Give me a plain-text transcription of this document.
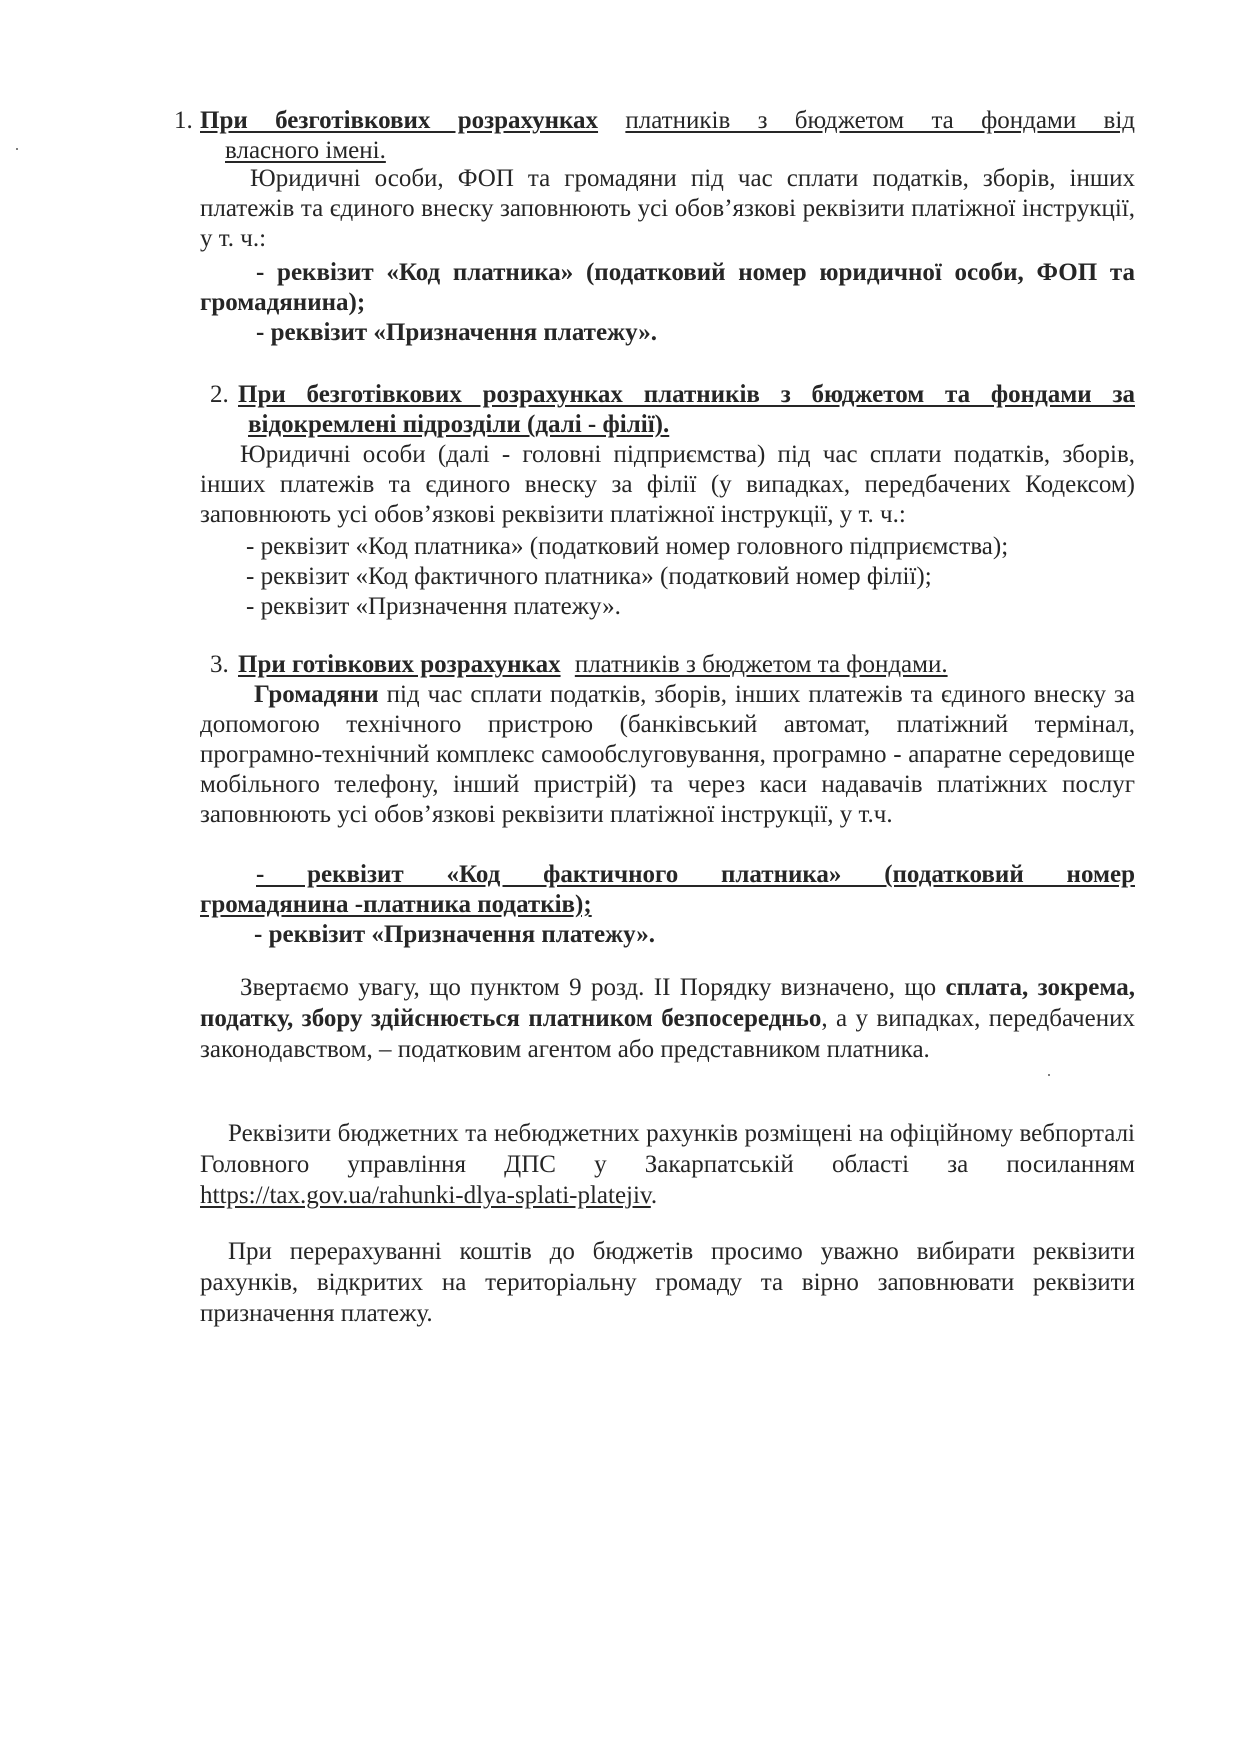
1. При безготівкових розрахунках платників з бюджетом та фондами від
власного імені.
Юридичні особи, ФОП та громадяни під час сплати податків, зборів, інших платежів та єдиного внеску заповнюють усі обов’язкові реквізити платіжної інструкції, у т. ч.:
- реквізит «Код платника» (податковий номер юридичної особи, ФОП та громадянина);
- реквізит «Призначення платежу».
2. При безготівкових розрахунках платників з бюджетом та фондами за
відокремлені підрозділи (далі - філії).
Юридичні особи (далі - головні підприємства) під час сплати податків, зборів, інших платежів та єдиного внеску за філії (у випадках, передбачених Кодексом) заповнюють усі обов’язкові реквізити платіжної інструкції, у т. ч.:
- реквізит «Код платника» (податковий номер головного підприємства);
- реквізит «Код фактичного платника» (податковий номер філії);
- реквізит «Призначення платежу».
3. При готівкових розрахунках платників з бюджетом та фондами.
Громадяни під час сплати податків, зборів, інших платежів та єдиного внеску за допомогою технічного пристрою (банківський автомат, платіжний термінал, програмно-технічний комплекс самообслуговування, програмно - апаратне середовище мобільного телефону, інший пристрій) та через каси надавачів платіжних послуг заповнюють усі обов’язкові реквізити платіжної інструкції, у т.ч.
- реквізит «Код фактичного платника» (податковий номер
громадянина -платника податків);
- реквізит «Призначення платежу».
Звертаємо увагу, що пунктом 9 розд. ІІ Порядку визначено, що сплата, зокрема, податку, збору здійснюється платником безпосередньо, а у випадках, передбачених законодавством, – податковим агентом або представником платника.
Реквізити бюджетних та небюджетних рахунків розміщені на офіційному вебпорталі Головного управління ДПС у Закарпатській області за посиланням https://tax.gov.ua/rahunki-dlya-splati-platejiv.
При перерахуванні коштів до бюджетів просимо уважно вибирати реквізити рахунків, відкритих на територіальну громаду та вірно заповнювати реквізити призначення платежу.
